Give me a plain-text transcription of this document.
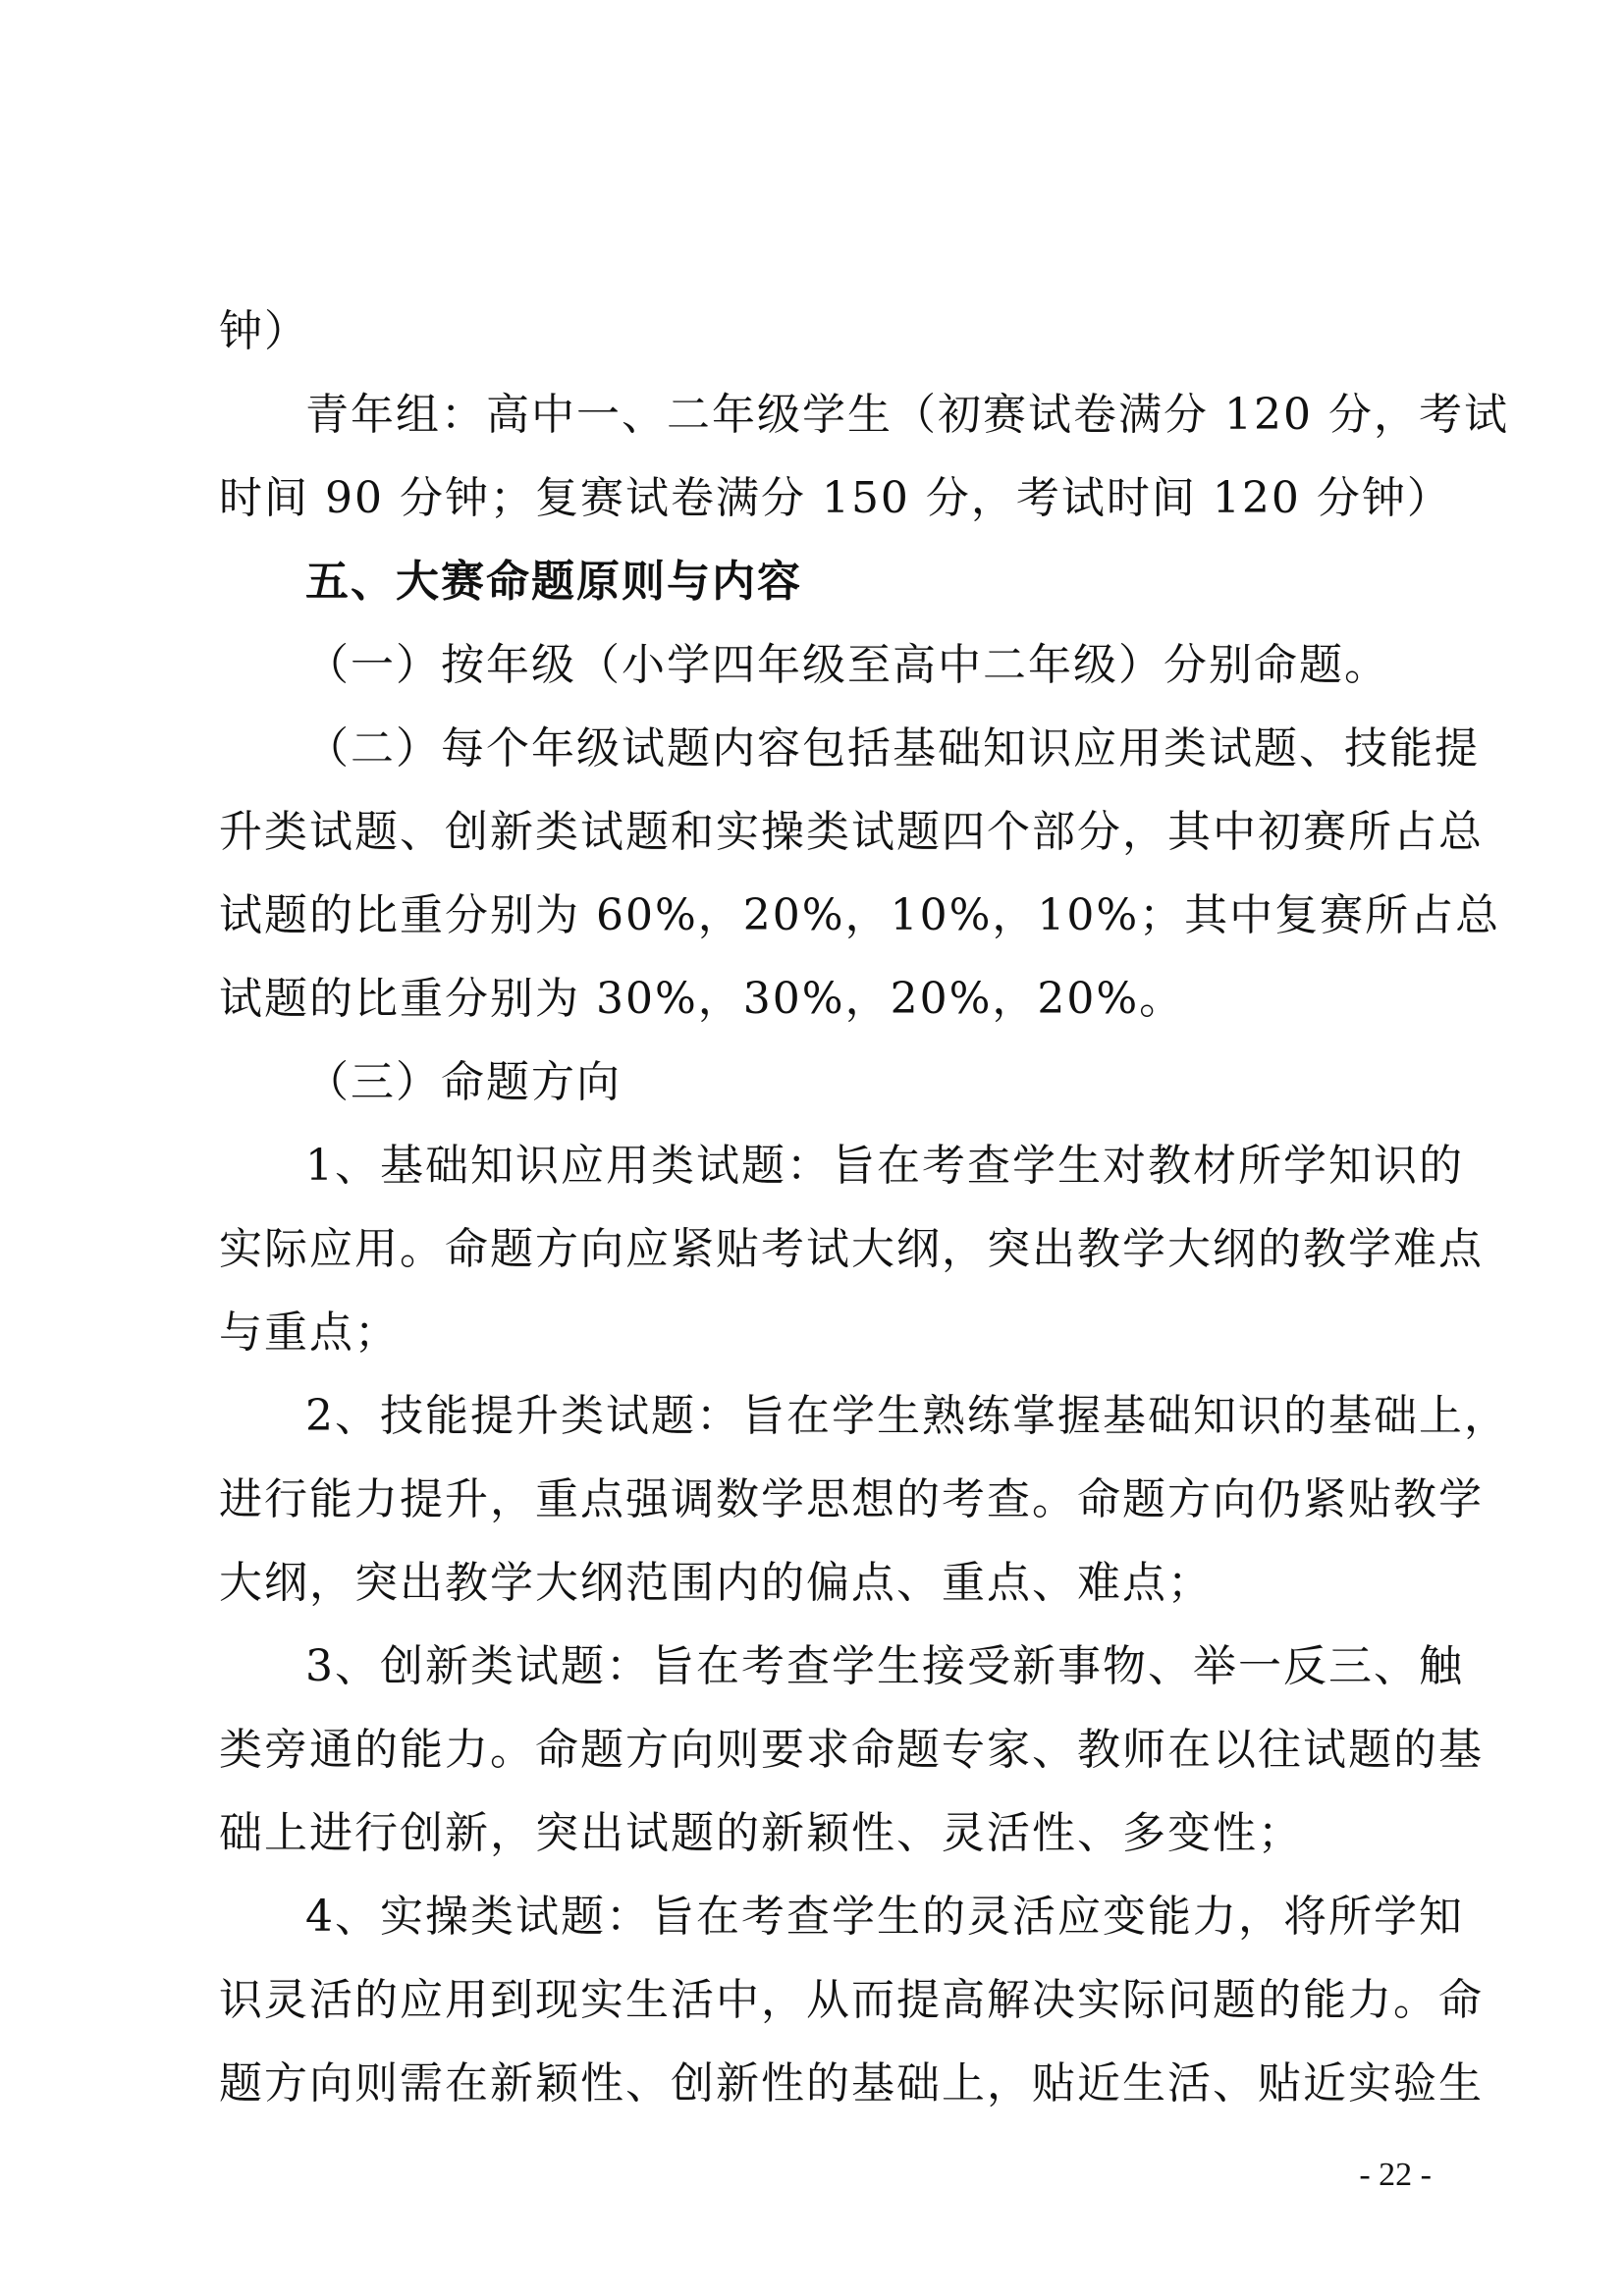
钟）
青年组：高中一、二年级学生（初赛试卷满分 120 分，考试
时间 90 分钟；复赛试卷满分 150 分，考试时间 120 分钟）
五、大赛命题原则与内容
（一）按年级（小学四年级至高中二年级）分别命题。
（二）每个年级试题内容包括基础知识应用类试题、技能提
升类试题、创新类试题和实操类试题四个部分，其中初赛所占总
试题的比重分别为 60%，20%，10%，10%；其中复赛所占总
试题的比重分别为 30%，30%，20%，20%。
（三）命题方向
1、基础知识应用类试题：旨在考查学生对教材所学知识的
实际应用。命题方向应紧贴考试大纲，突出教学大纲的教学难点
与重点；
2、技能提升类试题：旨在学生熟练掌握基础知识的基础上，
进行能力提升，重点强调数学思想的考查。命题方向仍紧贴教学
大纲，突出教学大纲范围内的偏点、重点、难点；
3、创新类试题：旨在考查学生接受新事物、举一反三、触
类旁通的能力。命题方向则要求命题专家、教师在以往试题的基
础上进行创新，突出试题的新颖性、灵活性、多变性；
4、实操类试题：旨在考查学生的灵活应变能力，将所学知
识灵活的应用到现实生活中，从而提高解决实际问题的能力。命
题方向则需在新颖性、创新性的基础上，贴近生活、贴近实验生
- 22 -
